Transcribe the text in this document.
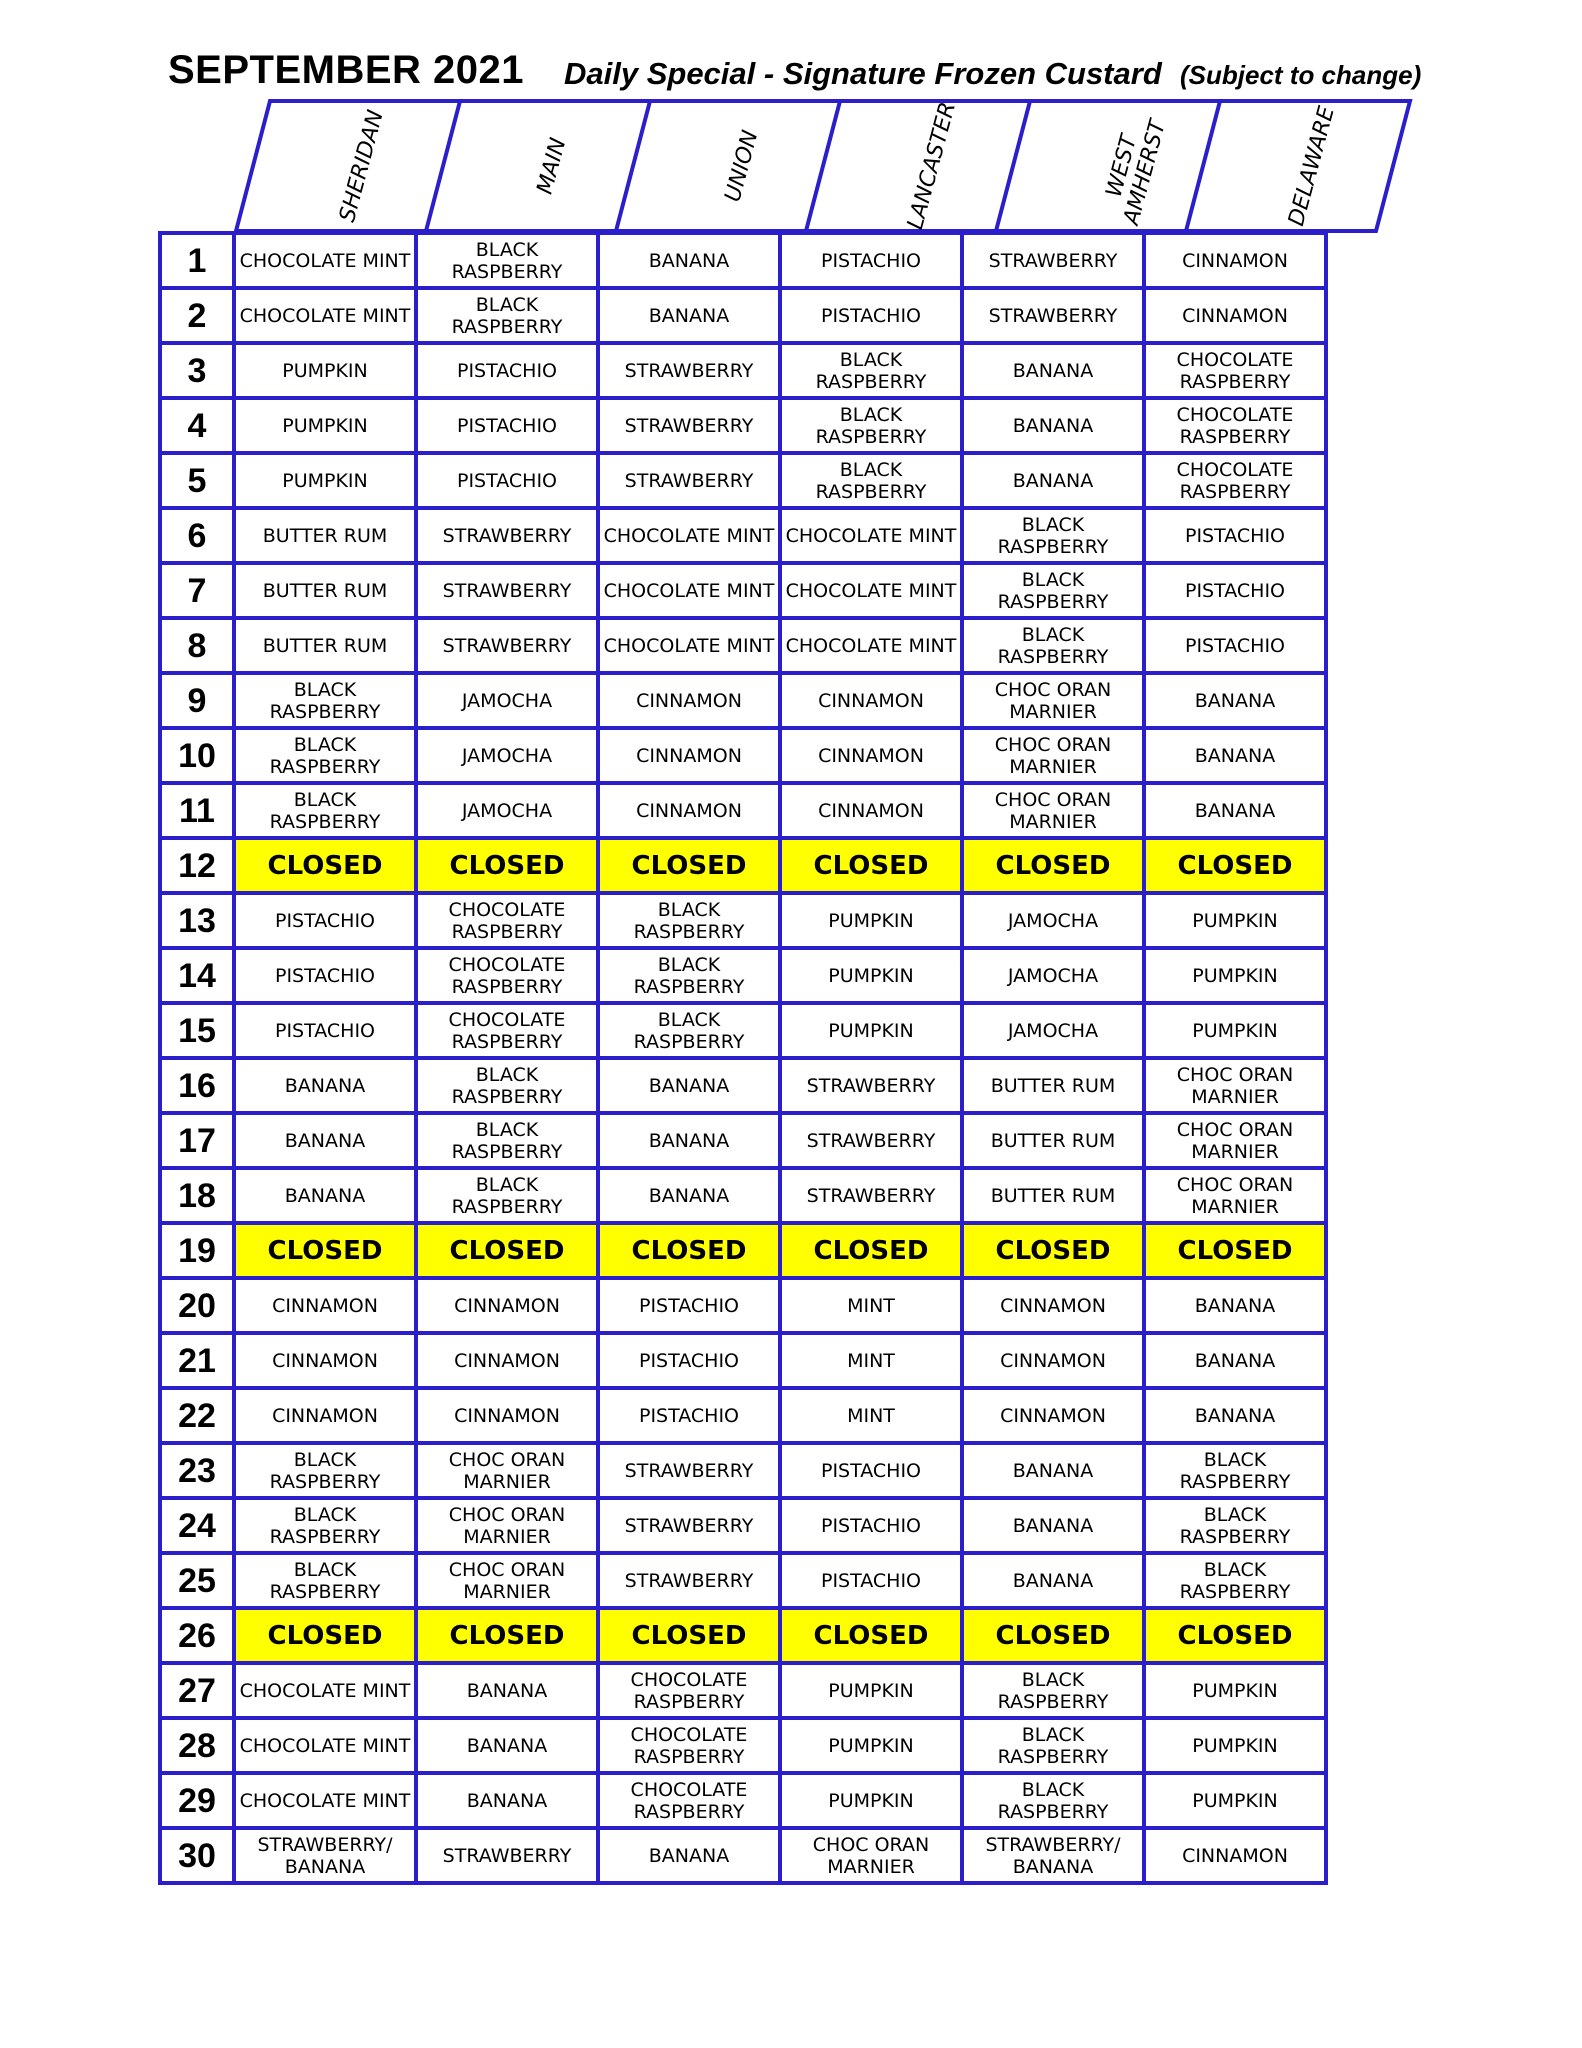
SEPTEMBER 2021 Daily Special - Signature Frozen Custard (Subject to change)
SHERIDAN	MAIN	UNION	LANCASTER	WEST AMHERST	DELAWARE
1	CHOCOLATE MINT	BLACK RASPBERRY	BANANA	PISTACHIO	STRAWBERRY	CINNAMON
2	CHOCOLATE MINT	BLACK RASPBERRY	BANANA	PISTACHIO	STRAWBERRY	CINNAMON
3	PUMPKIN	PISTACHIO	STRAWBERRY	BLACK RASPBERRY	BANANA	CHOCOLATE RASPBERRY
4	PUMPKIN	PISTACHIO	STRAWBERRY	BLACK RASPBERRY	BANANA	CHOCOLATE RASPBERRY
5	PUMPKIN	PISTACHIO	STRAWBERRY	BLACK RASPBERRY	BANANA	CHOCOLATE RASPBERRY
6	BUTTER RUM	STRAWBERRY	CHOCOLATE MINT	CHOCOLATE MINT	BLACK RASPBERRY	PISTACHIO
7	BUTTER RUM	STRAWBERRY	CHOCOLATE MINT	CHOCOLATE MINT	BLACK RASPBERRY	PISTACHIO
8	BUTTER RUM	STRAWBERRY	CHOCOLATE MINT	CHOCOLATE MINT	BLACK RASPBERRY	PISTACHIO
9	BLACK RASPBERRY	JAMOCHA	CINNAMON	CINNAMON	CHOC ORAN MARNIER	BANANA
10	BLACK RASPBERRY	JAMOCHA	CINNAMON	CINNAMON	CHOC ORAN MARNIER	BANANA
11	BLACK RASPBERRY	JAMOCHA	CINNAMON	CINNAMON	CHOC ORAN MARNIER	BANANA
12	CLOSED	CLOSED	CLOSED	CLOSED	CLOSED	CLOSED
13	PISTACHIO	CHOCOLATE RASPBERRY	BLACK RASPBERRY	PUMPKIN	JAMOCHA	PUMPKIN
14	PISTACHIO	CHOCOLATE RASPBERRY	BLACK RASPBERRY	PUMPKIN	JAMOCHA	PUMPKIN
15	PISTACHIO	CHOCOLATE RASPBERRY	BLACK RASPBERRY	PUMPKIN	JAMOCHA	PUMPKIN
16	BANANA	BLACK RASPBERRY	BANANA	STRAWBERRY	BUTTER RUM	CHOC ORAN MARNIER
17	BANANA	BLACK RASPBERRY	BANANA	STRAWBERRY	BUTTER RUM	CHOC ORAN MARNIER
18	BANANA	BLACK RASPBERRY	BANANA	STRAWBERRY	BUTTER RUM	CHOC ORAN MARNIER
19	CLOSED	CLOSED	CLOSED	CLOSED	CLOSED	CLOSED
20	CINNAMON	CINNAMON	PISTACHIO	MINT	CINNAMON	BANANA
21	CINNAMON	CINNAMON	PISTACHIO	MINT	CINNAMON	BANANA
22	CINNAMON	CINNAMON	PISTACHIO	MINT	CINNAMON	BANANA
23	BLACK RASPBERRY	CHOC ORAN MARNIER	STRAWBERRY	PISTACHIO	BANANA	BLACK RASPBERRY
24	BLACK RASPBERRY	CHOC ORAN MARNIER	STRAWBERRY	PISTACHIO	BANANA	BLACK RASPBERRY
25	BLACK RASPBERRY	CHOC ORAN MARNIER	STRAWBERRY	PISTACHIO	BANANA	BLACK RASPBERRY
26	CLOSED	CLOSED	CLOSED	CLOSED	CLOSED	CLOSED
27	CHOCOLATE MINT	BANANA	CHOCOLATE RASPBERRY	PUMPKIN	BLACK RASPBERRY	PUMPKIN
28	CHOCOLATE MINT	BANANA	CHOCOLATE RASPBERRY	PUMPKIN	BLACK RASPBERRY	PUMPKIN
29	CHOCOLATE MINT	BANANA	CHOCOLATE RASPBERRY	PUMPKIN	BLACK RASPBERRY	PUMPKIN
30	STRAWBERRY/ BANANA	STRAWBERRY	BANANA	CHOC ORAN MARNIER	STRAWBERRY/ BANANA	CINNAMON
